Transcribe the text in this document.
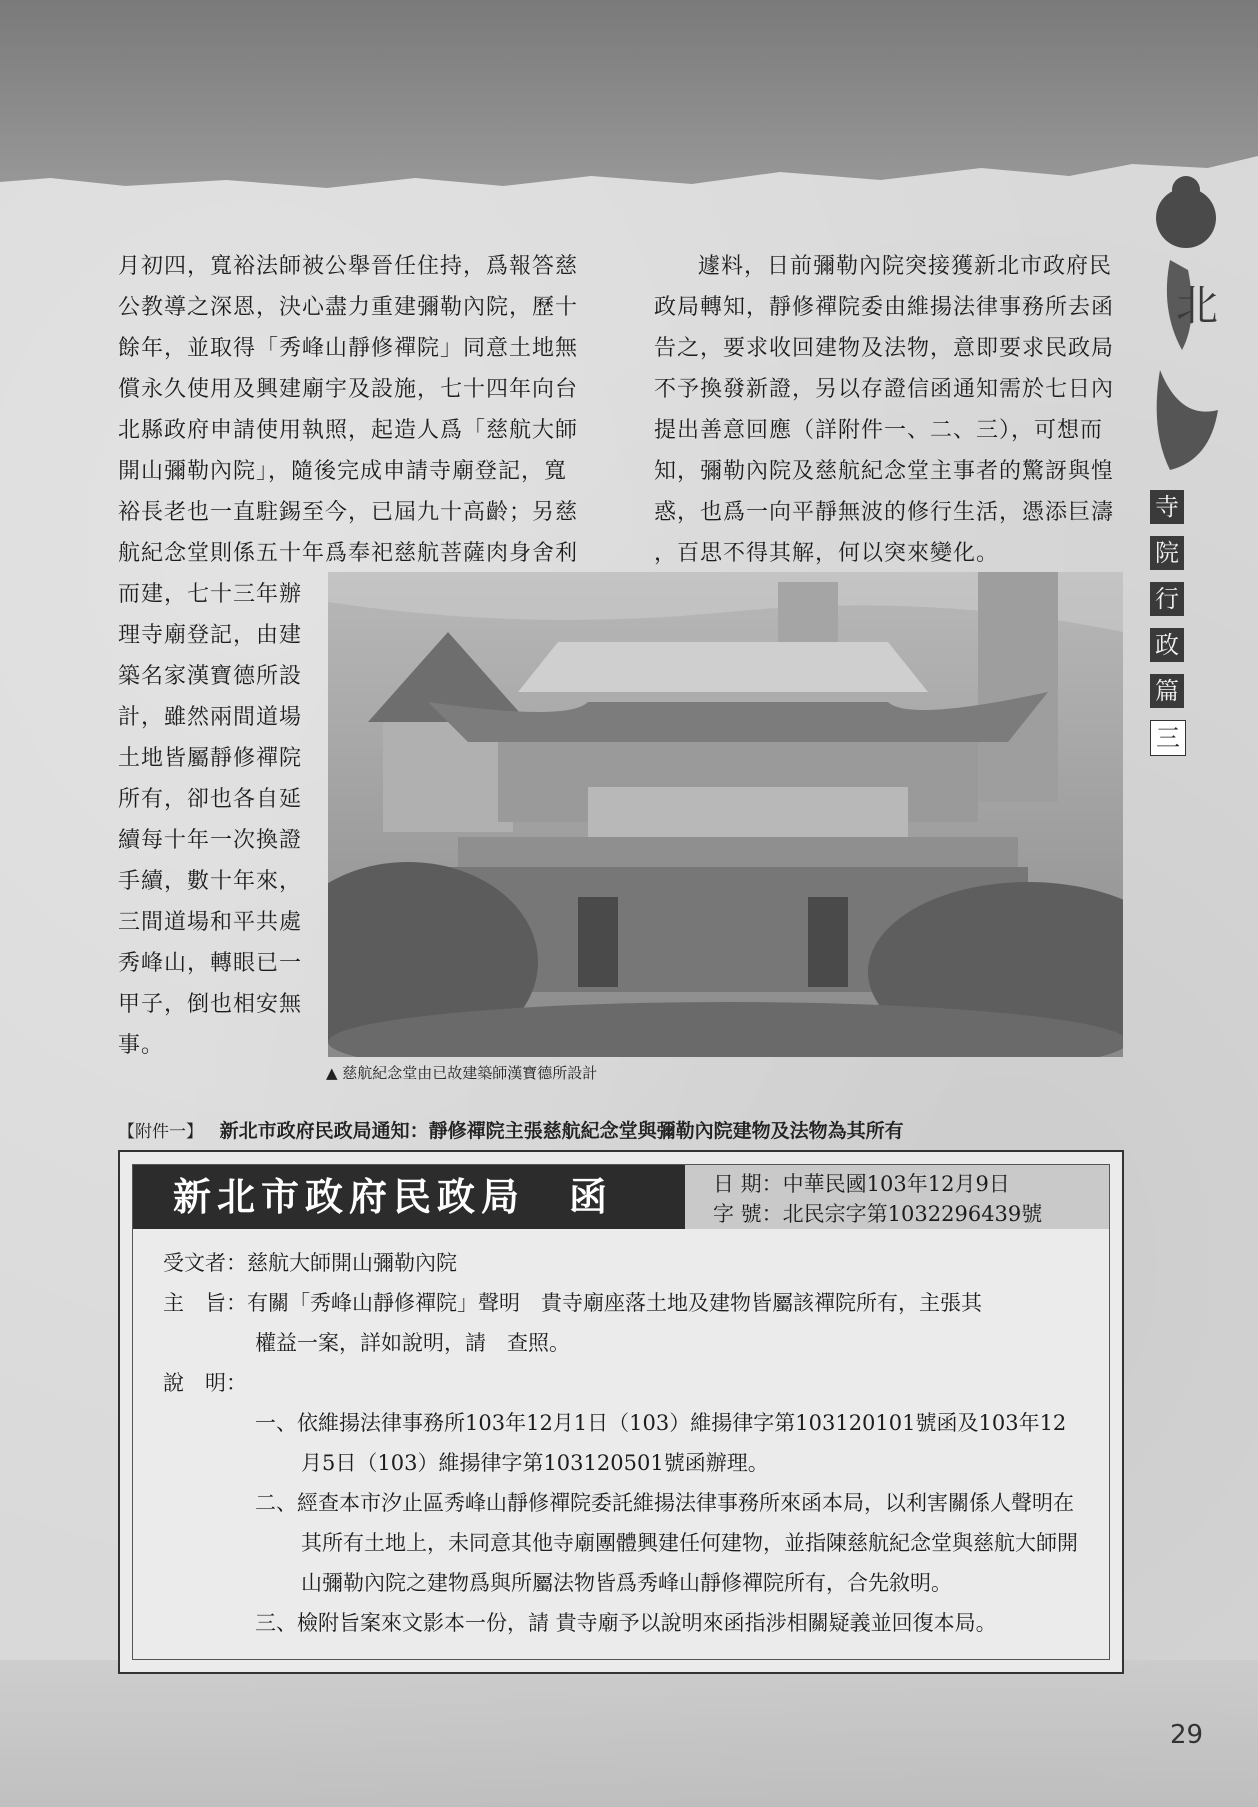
北

月初四，寬裕法師被公舉晉任住持，爲報答慈

公教導之深恩，決心盡力重建彌勒內院，歷十

餘年，並取得「秀峰山靜修禪院」同意土地無

償永久使用及興建廟宇及設施，七十四年向台

北縣政府申請使用執照，起造人爲「慈航大師

開山彌勒內院」，隨後完成申請寺廟登記，寬

裕長老也一直駐錫至今，已屆九十高齡；另慈

航紀念堂則係五十年爲奉祀慈航菩薩肉身舍利

而建，七十三年辦

理寺廟登記，由建

築名家漢寶德所設

計，雖然兩間道場

土地皆屬靜修禪院

所有，卻也各自延

續每十年一次換證

手續，數十年來，

三間道場和平共處

秀峰山，轉眼已一

甲子，倒也相安無

事。

遽料，日前彌勒內院突接獲新北市政府民

政局轉知，靜修禪院委由維揚法律事務所去函

告之，要求收回建物及法物，意即要求民政局

不予換發新證，另以存證信函通知需於七日內

提出善意回應（詳附件一、二、三），可想而

知，彌勒內院及慈航紀念堂主事者的驚訝與惶

惑，也爲一向平靜無波的修行生活，憑添巨濤

，百思不得其解，何以突來變化。

▲ 慈航紀念堂由已故建築師漢寶德所設計
寺
院
行
政
篇
三
【附件一】 新北市政府民政局通知：靜修禪院主張慈航紀念堂與彌勒內院建物及法物為其所有
新北市政府民政局　函	日 期：中華民國103年12月9日
字 號：北民宗字第1032296439號

受文者：慈航大師開山彌勒內院

主　旨：有關「秀峰山靜修禪院」聲明　貴寺廟座落土地及建物皆屬該禪院所有，主張其

權益一案，詳如說明，請　查照。

說　明：

一、依維揚法律事務所103年12月1日（103）維揚律字第103120101號函及103年12月5日（103）維揚律字第103120501號函辦理。

二、經查本市汐止區秀峰山靜修禪院委託維揚法律事務所來函本局，以利害關係人聲明在其所有土地上，未同意其他寺廟團體興建任何建物，並指陳慈航紀念堂與慈航大師開山彌勒內院之建物爲與所屬法物皆爲秀峰山靜修禪院所有，合先敘明。

三、檢附旨案來文影本一份，請 貴寺廟予以說明來函指涉相關疑義並回復本局。

29
